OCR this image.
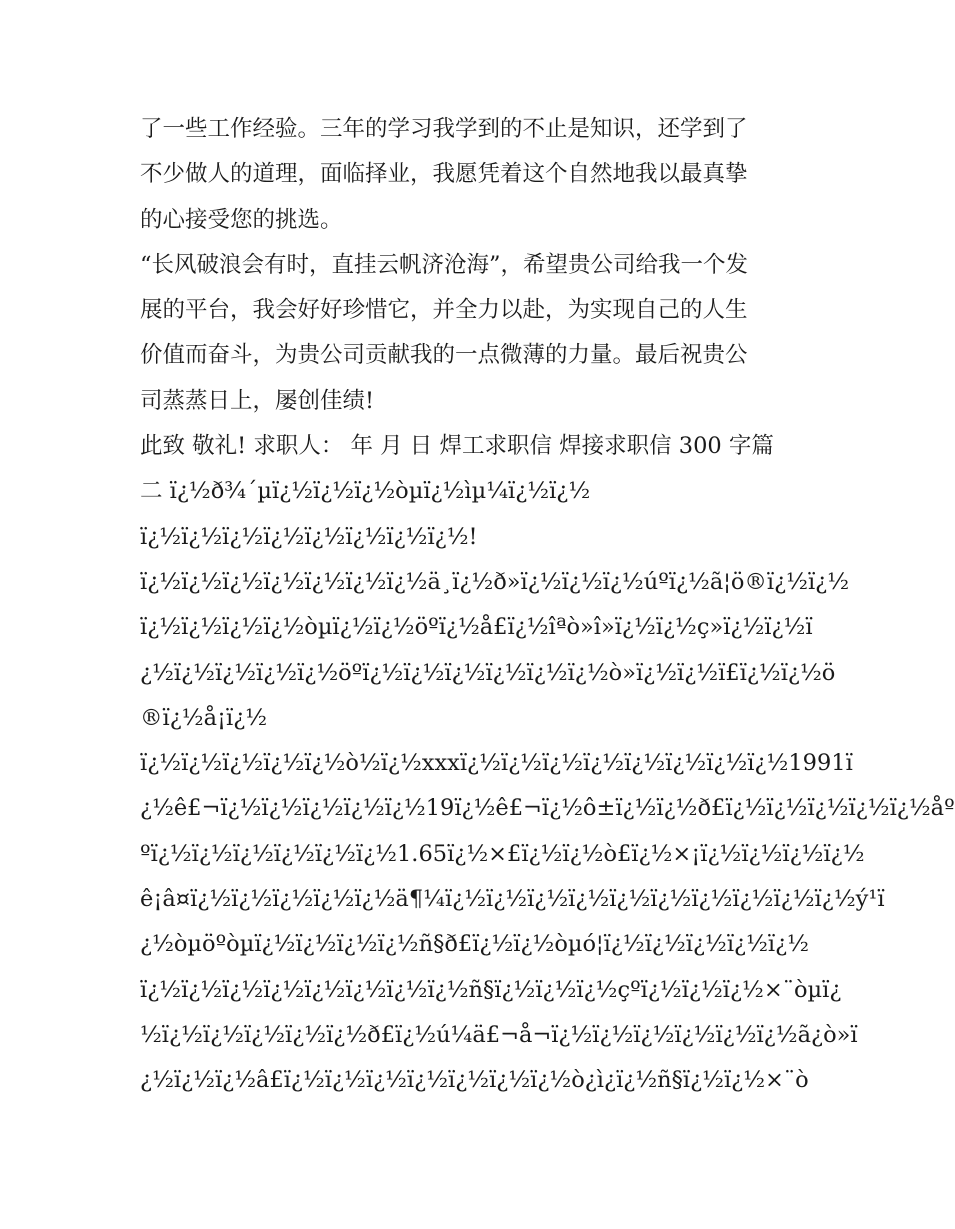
了一些工作经验。三年的学习我学到的不止是知识，还学到了
不少做人的道理，面临择业，我愿凭着这个自然地我以最真挚
的心接受您的挑选。
“长风破浪会有时，直挂云帆济沧海”，希望贵公司给我一个发
展的平台，我会好好珍惜它，并全力以赴，为实现自己的人生
价值而奋斗，为贵公司贡献我的一点微薄的力量。最后祝贵公
司蒸蒸日上，屡创佳绩!
此致 敬礼! 求职人： 年 月 日 焊工求职信 焊接求职信 300 字篇
二 ï¿½ð¾´µï¿½ï¿½ï¿½òµï¿½ìµ¼ï¿½ï¿½
ï¿½ï¿½ï¿½ï¿½ï¿½ï¿½ï¿½ï¿½!
ï¿½ï¿½ï¿½ï¿½ï¿½ï¿½ï¿½ä¸ï¿½ð»ï¿½ï¿½ï¿½úºï¿½ã¦ö®ï¿½ï¿½
ï¿½ï¿½ï¿½ï¿½òµï¿½ï¿½öºï¿½å£ï¿½îªò»î»ï¿½ï¿½ç»ï¿½ï¿½ï
¿½ï¿½ï¿½ï¿½ï¿½öºï¿½ï¿½ï¿½ï¿½ï¿½ï¿½ò»ï¿½ï¿½ï£ï¿½ï¿½ö
®ï¿½å¡ï¿½
ï¿½ï¿½ï¿½ï¿½ï¿½ò½ï¿½xxxï¿½ï¿½ï¿½ï¿½ï¿½ï¿½ï¿½ï¿½1991ï
¿½ê£¬ï¿½ï¿½ï¿½ï¿½ï¿½19ï¿½ê£¬ï¿½ô±ï¿½ï¿½ð£ï¿½ï¿½ï¿½ï¿½ï¿½åº
ºï¿½ï¿½ï¿½ï¿½ï¿½ï¿½1.65ï¿½×£ï¿½ï¿½ò£ï¿½×¡ï¿½ï¿½ï¿½ï¿½
ê¡â¤ï¿½ï¿½ï¿½ï¿½ï¿½ä¶¼ï¿½ï¿½ï¿½ï¿½ï¿½ï¿½ï¿½ï¿½ï¿½ï¿½ý¹ï
¿½òµöºòµï¿½ï¿½ï¿½ï¿½ñ§ð£ï¿½ï¿½òµó¦ï¿½ï¿½ï¿½ï¿½ï¿½
ï¿½ï¿½ï¿½ï¿½ï¿½ï¿½ï¿½ï¿½ñ§ï¿½ï¿½ï¿½çºï¿½ï¿½ï¿½×¨òµï¿
½ï¿½ï¿½ï¿½ï¿½ï¿½ð£ï¿½ú¼ä£¬å¬ï¿½ï¿½ï¿½ï¿½ï¿½ï¿½ã¿ò»ï
¿½ï¿½ï¿½â£ï¿½ï¿½ï¿½ï¿½ï¿½ï¿½ï¿½ò¿ì¿ï¿½ñ§ï¿½ï¿½×¨ò
